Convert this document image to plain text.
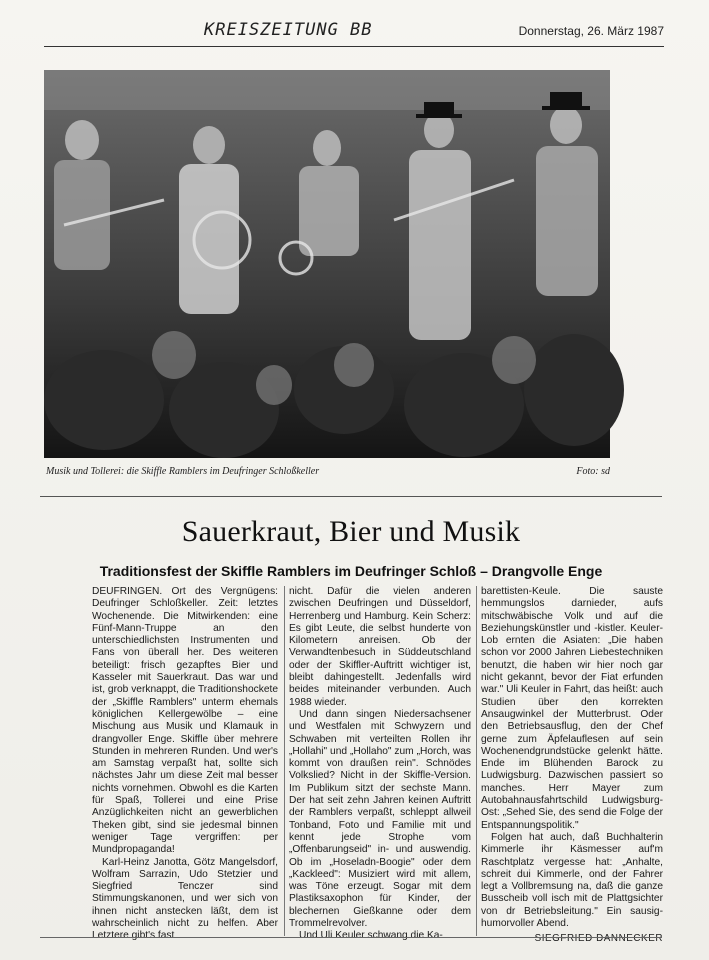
KREISZEITUNG BB	Donnerstag, 26. März 1987
Musik und Tollerei: die Skiffle Ramblers im Deufringer Schloßkeller	Foto: sd
Sauerkraut, Bier und Musik
Traditionsfest der Skiffle Ramblers im Deufringer Schloß – Drangvolle Enge

DEUFRINGEN. Ort des Vergnügens: Deufringer Schloßkeller. Zeit: letztes Wochenende. Die Mitwirkenden: eine Fünf-Mann-Truppe an den unterschiedlichsten Instrumenten und Fans von überall her. Des weiteren beteiligt: frisch gezapftes Bier und Kasseler mit Sauerkraut. Das war und ist, grob verknappt, die Traditionshockete der „Skiffle Ramblers" unterm ehemals königlichen Kellergewölbe – eine Mischung aus Musik und Klamauk in drangvoller Enge. Skiffle über mehrere Stunden in mehreren Runden. Und wer's am Samstag verpaßt hat, sollte sich nächstes Jahr um diese Zeit mal besser nichts vornehmen. Obwohl es die Karten für Spaß, Tollerei und eine Prise Anzüglichkeiten nicht an gewerblichen Theken gibt, sind sie jedesmal binnen weniger Tage vergriffen: per Mundpropaganda!

Karl-Heinz Janotta, Götz Mangelsdorf, Wolfram Sarrazin, Udo Stetzier und Siegfried Tenczer sind Stimmungskanonen, und wer sich von ihnen nicht anstecken läßt, dem ist wahrscheinlich nicht zu helfen. Aber Letztere gibt's fast

nicht. Dafür die vielen anderen zwischen Deufringen und Düsseldorf, Herrenberg und Hamburg. Kein Scherz: Es gibt Leute, die selbst hunderte von Kilometern anreisen. Ob der Verwandtenbesuch in Süddeutschland oder der Skiffler-Auftritt wichtiger ist, bleibt dahingestellt. Jedenfalls wird beides miteinander verbunden. Auch 1988 wieder.

Und dann singen Niedersachsener und Westfalen mit Schwyzern und Schwaben mit verteilten Rollen ihr „Hollahi" und „Hollaho" zum „Horch, was kommt von draußen rein". Schnödes Volkslied? Nicht in der Skiffle-Version. Im Publikum sitzt der sechste Mann. Der hat seit zehn Jahren keinen Auftritt der Ramblers verpaßt, schleppt allweil Tonband, Foto und Familie mit und kennt jede Strophe vom „Offenbarungseid" in- und auswendig. Ob im „Hoseladn-Boogie" oder dem „Kackleed": Musiziert wird mit allem, was Töne erzeugt. Sogar mit dem Plastiksaxophon für Kinder, der blechernen Gießkanne oder dem Trommelrevolver.

Und Uli Keuler schwang die Ka-

barettisten-Keule. Die sauste hemmungslos darnieder, aufs mitschwäbische Volk und auf die Beziehungskünstler und -kistler. Keuler-Lob ernten die Asiaten: „Die haben schon vor 2000 Jahren Liebestechniken benutzt, die haben wir hier noch gar nicht gekannt, bevor der Fiat erfunden war." Uli Keuler in Fahrt, das heißt: auch Studien über den korrekten Ansaugwinkel der Mutterbrust. Oder den Betriebsausflug, den der Chef gerne zum Äpfelauflesen auf sein Wochenendgrundstücke gelenkt hätte. Ende im Blühenden Barock zu Ludwigsburg. Dazwischen passiert so manches. Herr Mayer zum Autobahnausfahrtschild Ludwigsburg-Ost: „Sehed Sie, des send die Folge der Entspannungspolitik."

Folgen hat auch, daß Buchhalterin Kimmerle ihr Käsmesser auf'm Raschtplatz vergesse hat: „Anhalte, schreit dui Kimmerle, ond der Fahrer legt a Vollbremsung na, daß die ganze Busscheib voll isch mit de Plattgsichter von dr Betriebsleitung." Ein sausig-humorvoller Abend.

SIEGFRIED DANNECKER
